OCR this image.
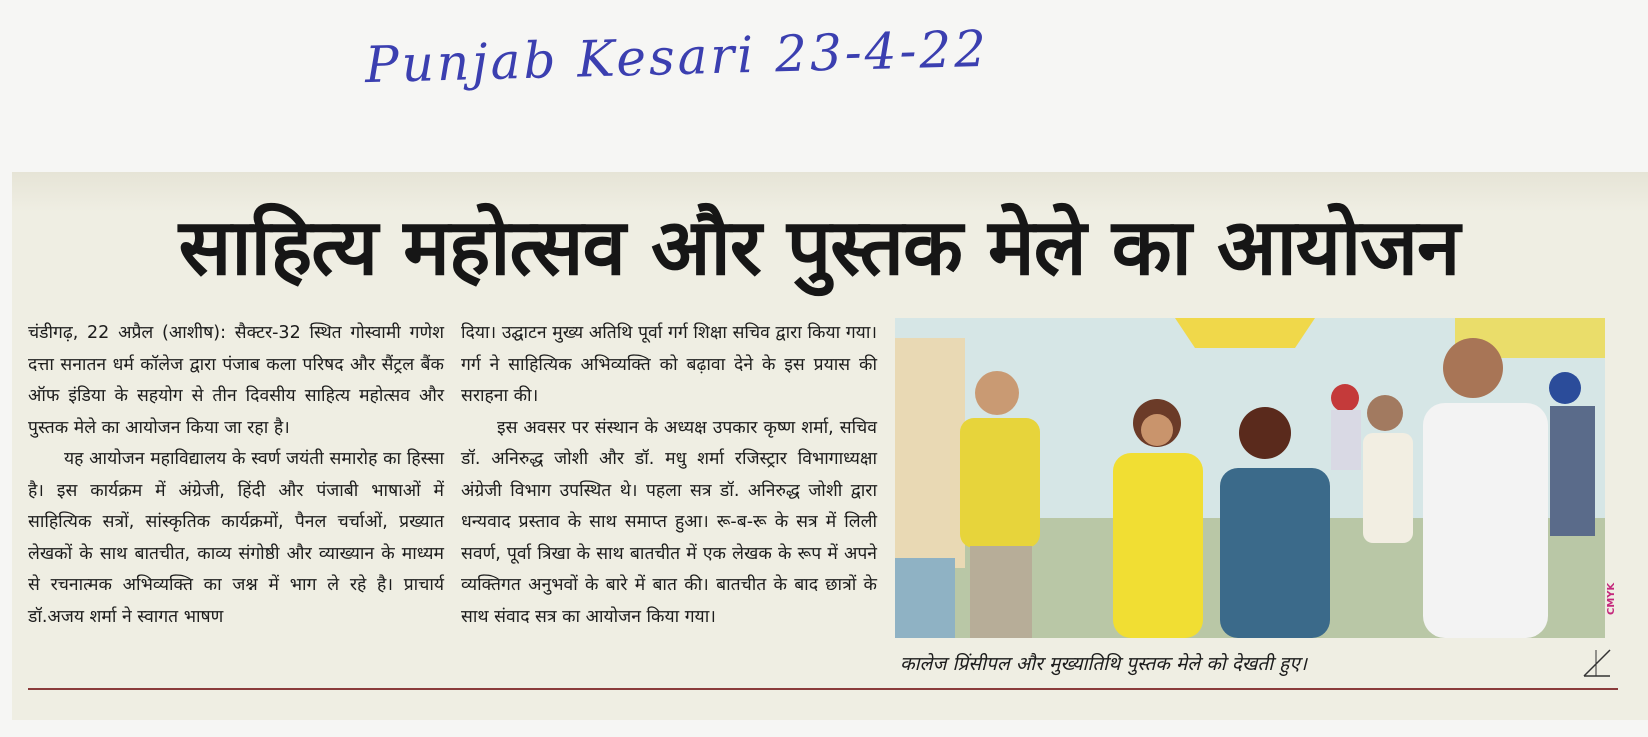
Punjab Kesari 23-4-22
साहित्य महोत्सव और पुस्तक मेले का आयोजन

चंडीगढ़, 22 अप्रैल (आशीष): सैक्टर-32 स्थित गोस्वामी गणेश दत्ता सनातन धर्म कॉलेज द्वारा पंजाब कला परिषद और सैंट्रल बैंक ऑफ इंडिया के सहयोग से तीन दिवसीय साहित्य महोत्सव और पुस्तक मेले का आयोजन किया जा रहा है।

यह आयोजन महाविद्यालय के स्वर्ण जयंती समारोह का हिस्सा है। इस कार्यक्रम में अंग्रेजी, हिंदी और पंजाबी भाषाओं में साहित्यिक सत्रों, सांस्कृतिक कार्यक्रमों, पैनल चर्चाओं, प्रख्यात लेखकों के साथ बातचीत, काव्य संगोष्ठी और व्याख्यान के माध्यम से रचनात्मक अभिव्यक्ति का जश्न में भाग ले रहे है। प्राचार्य डॉ.अजय शर्मा ने स्वागत भाषण

दिया। उद्घाटन मुख्य अतिथि पूर्वा गर्ग शिक्षा सचिव द्वारा किया गया। गर्ग ने साहित्यिक अभिव्यक्ति को बढ़ावा देने के इस प्रयास की सराहना की।

इस अवसर पर संस्थान के अध्यक्ष उपकार कृष्ण शर्मा, सचिव डॉ. अनिरुद्ध जोशी और डॉ. मधु शर्मा रजिस्ट्रार विभागाध्यक्षा अंग्रेजी विभाग उपस्थित थे। पहला सत्र डॉ. अनिरुद्ध जोशी द्वारा धन्यवाद प्रस्ताव के साथ समाप्त हुआ। रू-ब-रू के सत्र में लिली सवर्ण, पूर्वा त्रिखा के साथ बातचीत में एक लेखक के रूप में अपने व्यक्तिगत अनुभवों के बारे में बात की। बातचीत के बाद छात्रों के साथ संवाद सत्र का आयोजन किया गया।

कालेज प्रिंसीपल और मुख्यातिथि पुस्तक मेले को देखती हुए।
CMYK
